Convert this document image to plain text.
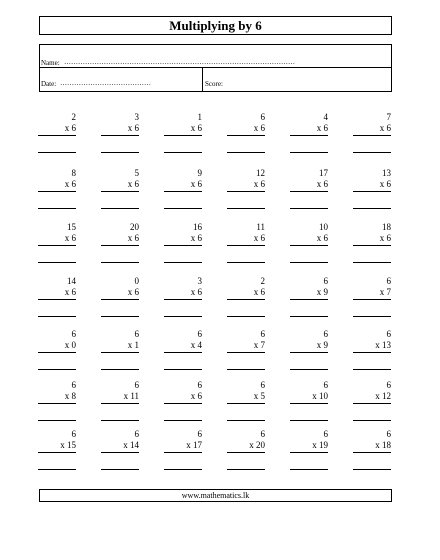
Multiplying by 6
Name: ………………………………………………………………………………………
Date: …………………………………	Score:
2
x 6
3
x 6
1
x 6
6
x 6
4
x 6
7
x 6
8
x 6
5
x 6
9
x 6
12
x 6
17
x 6
13
x 6
15
x 6
20
x 6
16
x 6
11
x 6
10
x 6
18
x 6
14
x 6
0
x 6
3
x 6
2
x 6
6
x 9
6
x 7
6
x 0
6
x 1
6
x 4
6
x 7
6
x 9
6
x 13
6
x 8
6
x 11
6
x 6
6
x 5
6
x 10
6
x 12
6
x 15
6
x 14
6
x 17
6
x 20
6
x 19
6
x 18
www.mathematics.lk
